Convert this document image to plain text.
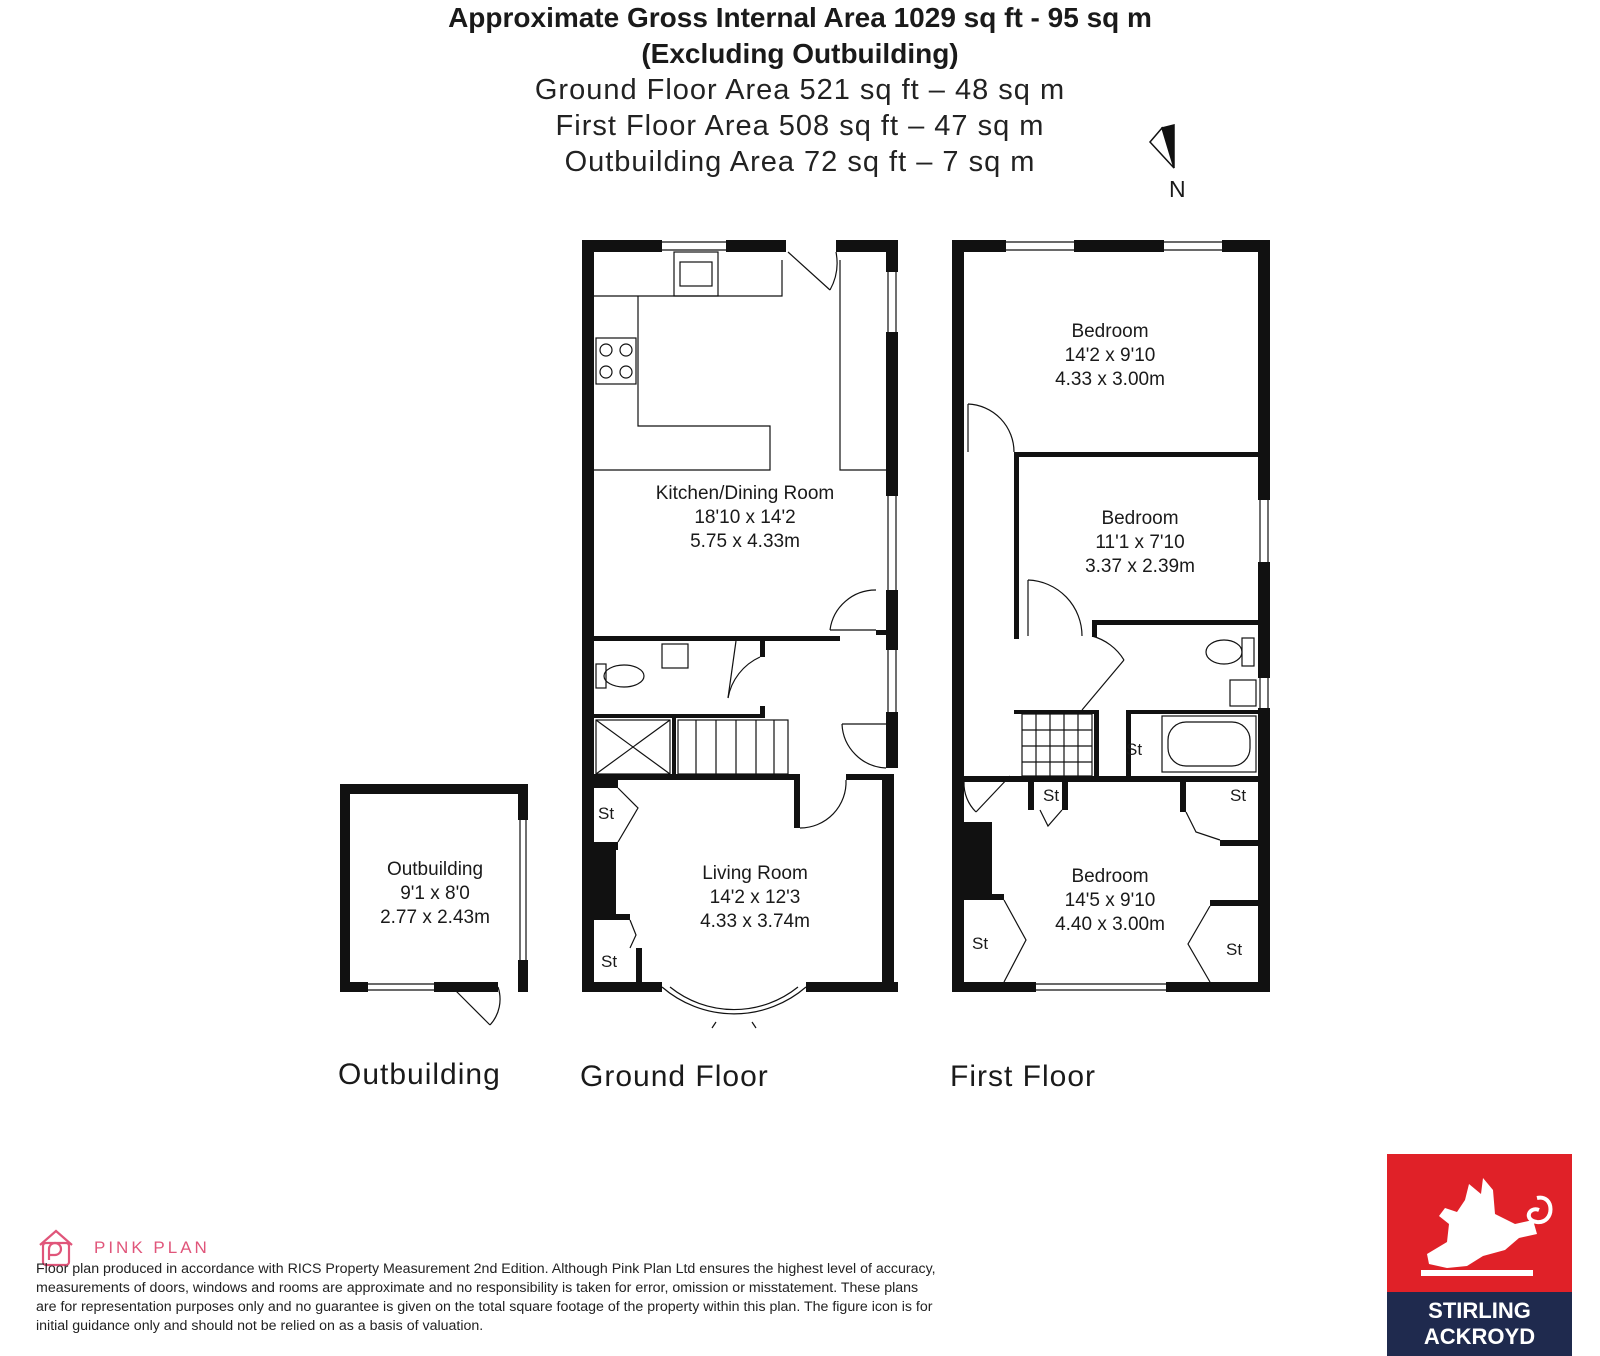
Approximate Gross Internal Area 1029 sq ft - 95 sq m
(Excluding Outbuilding)
Ground Floor Area 521 sq ft – 48 sq m
First Floor Area 508 sq ft – 47 sq m
Outbuilding Area 72 sq ft – 7 sq m
Kitchen/Dining Room
18'10 x 14'2
5.75 x 4.33m
Living Room
14'2 x 12'3
4.33 x 3.74m
Outbuilding
9'1 x 8'0
2.77 x 2.43m
Bedroom
14'2 x 9'10
4.33 x 3.00m
Bedroom
11'1 x 7'10
3.37 x 2.39m
Bedroom
14'5 x 9'10
4.40 x 3.00m
St
St
St
St	St
St	St
N
Outbuilding	Ground Floor	First Floor
PINK PLAN
Floor plan produced in accordance with RICS Property Measurement 2nd Edition. Although Pink Plan Ltd ensures the highest level of accuracy, measurements of doors, windows and rooms are approximate and no responsibility is taken for error, omission or misstatement. These plans are for representation purposes only and no guarantee is given on the total square footage of the property within this plan. The figure icon is for initial guidance only and should not be relied on as a basis of valuation.
STIRLING
ACKROYD
